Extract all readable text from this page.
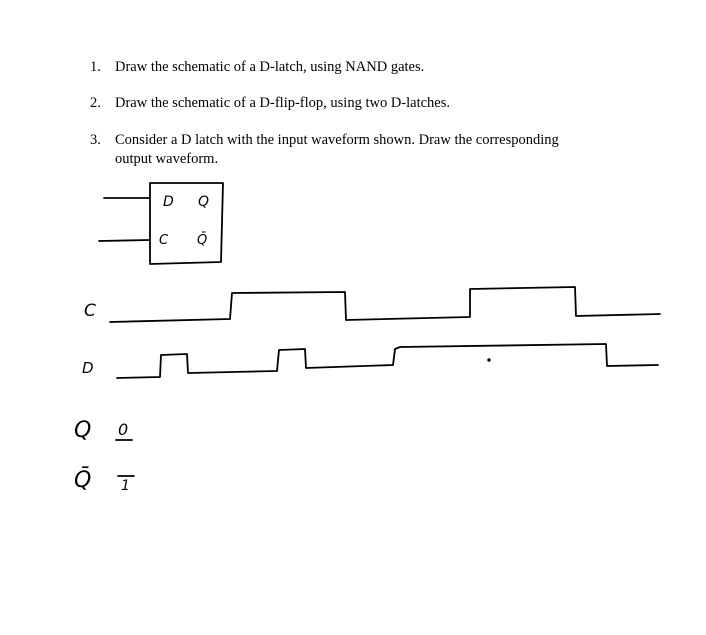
1. Draw the schematic of a D-latch, using NAND gates.
2. Draw the schematic of a D-flip-flop, using two D-latches.
3. Consider a D latch with the input waveform shown. Draw the corresponding
output waveform.
D Q
C Q̄
C
D
Q
Q̄
0
1
